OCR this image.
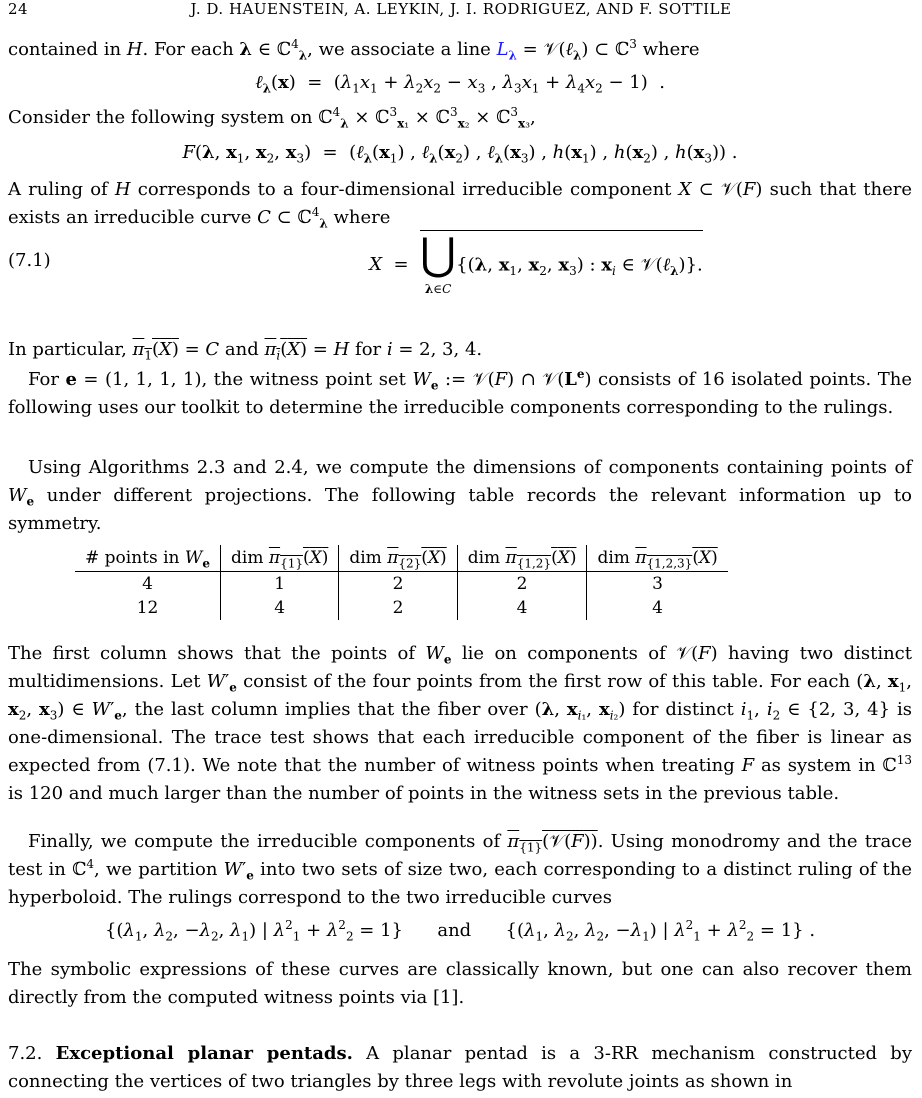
24	J. D. HAUENSTEIN, A. LEYKIN, J. I. RODRIGUEZ, AND F. SOTTILE
contained in H. For each λ ∈ ℂ$^4_\lambda$, we associate a line $L_\lambda$ = 𝒱(ℓ$_\lambda$) ⊂ ℂ$^3$ where
ℓ$_\lambda$(x)  =  ($\lambda_1x_1 + \lambda_2x_2 - x_3$ , $\lambda_3x_1 + \lambda_4x_2 - 1$)  .
Consider the following system on ℂ$^4_\lambda$ × ℂ$^3_{x_1}$ × ℂ$^3_{x_2}$ × ℂ$^3_{x_3}$,
F(λ, $x_1$, $x_2$, $x_3$)  =  ($\ell_\lambda(x_1)$ , $\ell_\lambda(x_2)$ , $\ell_\lambda(x_3)$ , $h(x_1)$ , $h(x_2)$ , $h(x_3)$) .
A ruling of H corresponds to a four-dimensional irreducible component X ⊂ 𝒱(F) such that there exists an irreducible curve C ⊂ ℂ$^4_\lambda$ where
(7.1)	X  =  ⋃
λ∈C{(λ, $x_1$, $x_2$, $x_3$) : $x_i$ ∈ 𝒱(ℓ$_\lambda$)}.
In particular, $\pi_1(X) = C$ and $\pi_i(X) = H$ for i = 2, 3, 4.
For e = (1, 1, 1, 1), the witness point set $W_e$ := 𝒱(F) ∩ 𝒱(Le) consists of 16 isolated points. The following uses our toolkit to determine the irreducible components corresponding to the rulings.
Using Algorithms 2.3 and 2.4, we compute the dimensions of components containing points of $W_e$ under different projections. The following table records the relevant information up to symmetry.
# points in $W_e$	dim $\pi_{\{1\}}(X)$	dim $\pi_{\{2\}}(X)$	dim $\pi_{\{1,2\}}(X)$	dim $\pi_{\{1,2,3\}}(X)$
4	1	2	2	3
12	4	2	4	4
The first column shows that the points of $W_e$ lie on components of 𝒱(F) having two distinct multidimensions. Let $W'_e$ consist of the four points from the first row of this table. For each (λ, $x_1$, $x_2$, $x_3$) ∈ $W'_e$, the last column implies that the fiber over (λ, $x_{i_1}$, $x_{i_2}$) for distinct $i_1$, $i_2$ ∈ {2, 3, 4} is one-dimensional. The trace test shows that each irreducible component of the fiber is linear as expected from (7.1). We note that the number of witness points when treating F as system in ℂ$^{13}$ is 120 and much larger than the number of points in the witness sets in the previous table.
Finally, we compute the irreducible components of $\pi_{\{1\}}(𝒱(F))$. Using monodromy and the trace test in ℂ$^4$, we partition $W'_e$ into two sets of size two, each corresponding to a distinct ruling of the hyperboloid. The rulings correspond to the two irreducible curves
{($\lambda_1$, $\lambda_2$, $-\lambda_2$, $\lambda_1$) | $\lambda^2_1 + \lambda^2_2 = 1$}      and      {($\lambda_1$, $\lambda_2$, $\lambda_2$, $-\lambda_1$) | $\lambda^2_1 + \lambda^2_2 = 1$} .
The symbolic expressions of these curves are classically known, but one can also recover them directly from the computed witness points via [1].
7.2. Exceptional planar pentads. A planar pentad is a 3-RR mechanism constructed by connecting the vertices of two triangles by three legs with revolute joints as shown in
